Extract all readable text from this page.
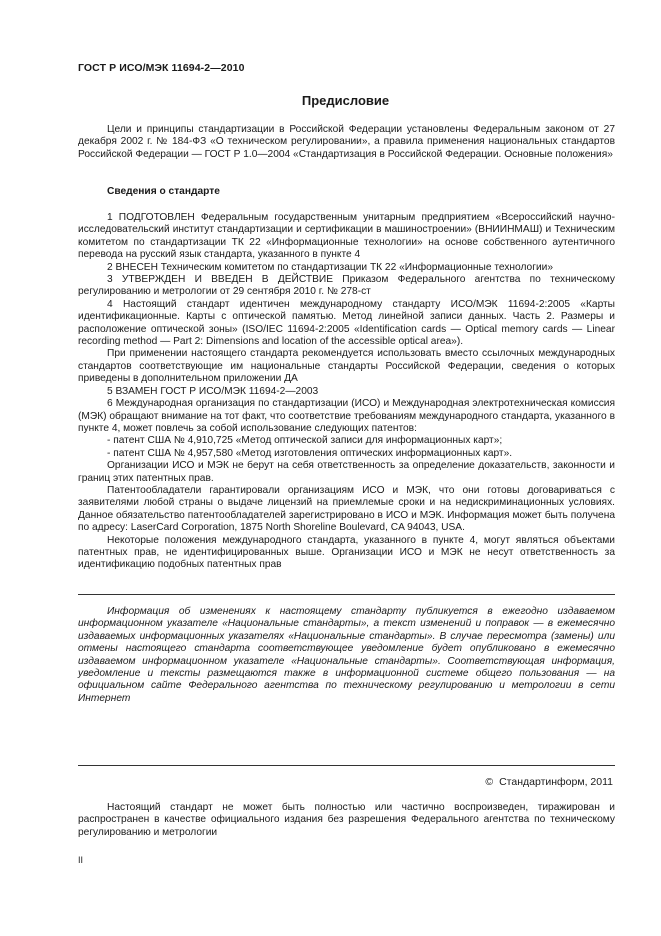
ГОСТ Р ИСО/МЭК 11694-2—2010
Предисловие

Цели и принципы стандартизации в Российской Федерации установлены Федеральным законом от 27 декабря 2002 г. № 184-ФЗ «О техническом регулировании», а правила применения национальных стандартов Российской Федерации — ГОСТ Р 1.0—2004 «Стандартизация в Российской Федерации. Основные положения»

Сведения о стандарте

1 ПОДГОТОВЛЕН Федеральным государственным унитарным предприятием «Всероссийский научно-исследовательский институт стандартизации и сертификации в машиностроении» (ВНИИНМАШ) и Техническим комитетом по стандартизации ТК 22 «Информационные технологии» на основе собственного аутентичного перевода на русский язык стандарта, указанного в пункте 4

2 ВНЕСЕН Техническим комитетом по стандартизации ТК 22 «Информационные технологии»

3 УТВЕРЖДЕН И ВВЕДЕН В ДЕЙСТВИЕ Приказом Федерального агентства по техническому регулированию и метрологии от 29 сентября 2010 г. № 278-ст

4 Настоящий стандарт идентичен международному стандарту ИСО/МЭК 11694-2:2005 «Карты идентификационные. Карты с оптической памятью. Метод линейной записи данных. Часть 2. Размеры и расположение оптической зоны» (ISO/IEC 11694-2:2005 «Identification cards — Optical memory cards — Linear recording method — Part 2: Dimensions and location of the accessible optical area»).

При применении настоящего стандарта рекомендуется использовать вместо ссылочных международных стандартов соответствующие им национальные стандарты Российской Федерации, сведения о которых приведены в дополнительном приложении ДА

5 ВЗАМЕН ГОСТ Р ИСО/МЭК 11694-2—2003

6 Международная организация по стандартизации (ИСО) и Международная электротехническая комиссия (МЭК) обращают внимание на тот факт, что соответствие требованиям международного стандарта, указанного в пункте 4, может повлечь за собой использование следующих патентов:

- патент США № 4,910,725 «Метод оптической записи для информационных карт»;

- патент США № 4,957,580 «Метод изготовления оптических информационных карт».

Организации ИСО и МЭК не берут на себя ответственность за определение доказательств, законности и границ этих патентных прав.

Патентообладатели гарантировали организациям ИСО и МЭК, что они готовы договариваться с заявителями любой страны о выдаче лицензий на приемлемые сроки и на недискриминационных условиях. Данное обязательство патентообладателей зарегистрировано в ИСО и МЭК. Информация может быть получена по адресу: LaserCard Corporation, 1875 North Shoreline Boulevard, CA 94043, USA.

Некоторые положения международного стандарта, указанного в пункте 4, могут являться объектами патентных прав, не идентифицированных выше. Организации ИСО и МЭК не несут ответственность за идентификацию подобных патентных прав

Информация об изменениях к настоящему стандарту публикуется в ежегодно издаваемом информационном указателе «Национальные стандарты», а текст изменений и поправок — в ежемесячно издаваемых информационных указателях «Национальные стандарты». В случае пересмотра (замены) или отмены настоящего стандарта соответствующее уведомление будет опубликовано в ежемесячно издаваемом информационном указателе «Национальные стандарты». Соответствующая информация, уведомление и тексты размещаются также в информационной системе общего пользования — на официальном сайте Федерального агентства по техническому регулированию и метрологии в сети Интернет

© Стандартинформ, 2011

Настоящий стандарт не может быть полностью или частично воспроизведен, тиражирован и распространен в качестве официального издания без разрешения Федерального агентства по техническому регулированию и метрологии

II
